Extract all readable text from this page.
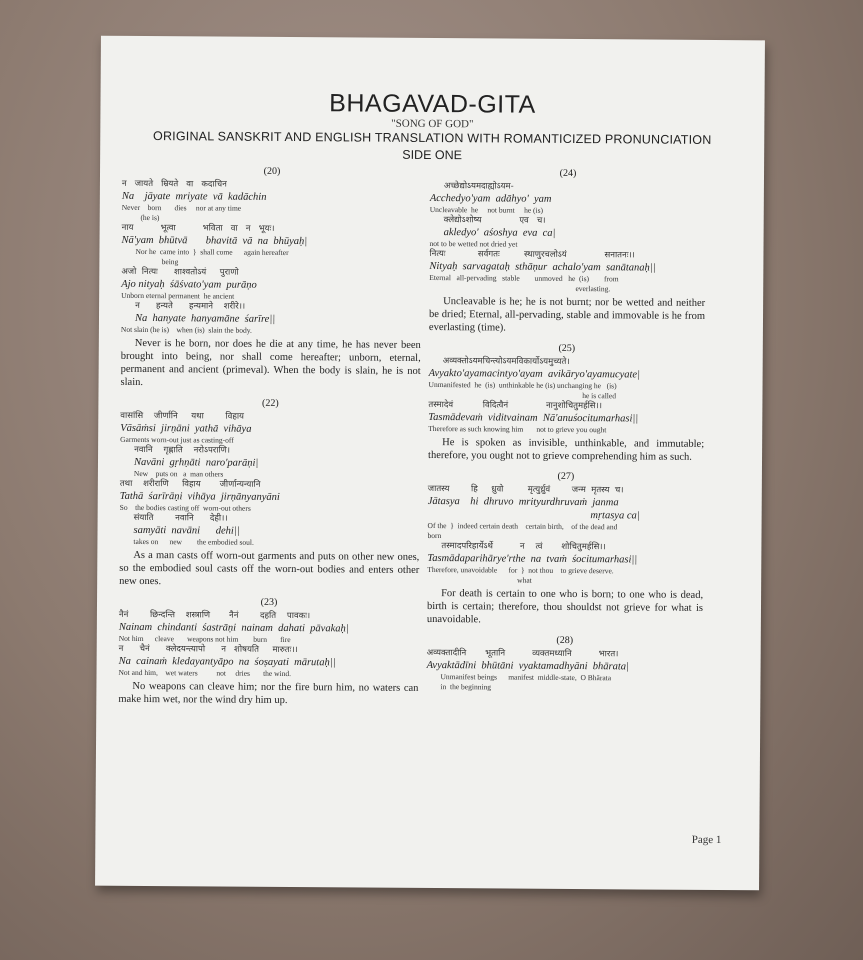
BHAGAVAD-GITA
"SONG OF GOD"
ORIGINAL SANSKRIT AND ENGLISH TRANSLATION WITH ROMANTICIZED PRONUNCIATION
SIDE ONE
(20)
न   जायते   म्रियते   वा   कदाचिन
Na    jāyate  mriyate  vā  kadāchin
Never    born       dies     nor at any time
(he is)
नाय          भूत्वा          भविता   वा   न   भूयः।
Nā'yam  bhūtvā       bhavitā  vā  na  bhūyaḥ|
Nor he  came into  }  shall come      again hereafter
being
अजो  नित्यः      शाश्वतोऽयं     पुराणो
Ajo nityaḥ  śāśvato'yam  purāṇo
Unborn eternal permanent  he ancient
न      हन्यते      हन्यमाने    शरीरे।।
Na  hanyate  hanyamāne  śarīre||
Not slain (he is)    when (is)  slain the body.

Never is he born, nor does he die at any time, he has never been brought into being, nor shall come hereafter; unborn, eternal, permanent and ancient (primeval). When the body is slain, he is not slain.

(22)
वासांसि    जीर्णानि     यथा        विहाय
Vāsāṁsi  jirṇāni  yathā  vihāya
Garments worn-out just as casting-off
नवानि    गृह्णाति    नरोऽपराणि।
Navāni  gṛhṇāti  naro'parāṇi|
New    puts on   a  man others
तथा    शरीराणि     विहाय       जीर्णान्यन्यानि
Tathā  śarīrāṇi  vihāya  jirṇānyanyāni
So    the bodies casting off  worn-out others
संयाति        नवानि      देही।।
samyāti  navāni      dehi||
takes on      new        the embodied soul.

As a man casts off worn-out garments and puts on other new ones, so the embodied soul casts off the worn-out bodies and enters other new ones.

(23)
नैनं        छिन्दन्ति    शस्त्राणि       नैनं        दहति    पावकः।
Nainam  chindanti  śastrāṇi  nainam  dahati  pāvakaḥ|
Not him      cleave       weapons not him        burn       fire
न      चैनं      क्लेदयन्त्यापो      न   शोषयति     मारुतः।।
Na  cainaṁ  kledayantyāpo  na  śoṣayati  mārutaḥ||
Not and him,    wet waters          not     dries       the wind.

No weapons can cleave him; nor the fire burn him, no waters can make him wet, nor the wind dry him up.

(24)
अच्छेद्योऽयमदाह्योऽयम-
Acchedyo'yam  adāhyo'  yam
Uncleavable  he     not burnt     he (is)
क्लेद्योऽशोष्य              एव   च।
akledyo'  aśoshya  eva  ca|
not to be wetted not dried yet
नित्यः            सर्वगतः         स्थाणुरचलोऽयं              सनातनः।।
Nityaḥ  sarvagataḥ  sthāṇur  achalo'yam  sanātanaḥ||
Eternal   all-pervading   stable        unmoved   he  (is)        from
everlasting.

Uncleavable is he; he is not burnt; nor be wetted and neither be dried; Eternal, all-pervading, stable and immovable is he from everlasting (time).

(25)
अव्यक्तोऽयमचिन्त्योऽयमविकार्योऽयमुच्यते।
Avyakto'ayamacintyo'ayam  avikāryo'ayamucyate|
Unmanifested  he  (is)  unthinkable he (is) unchanging he   (is)
he is called
तस्मादेवं           विदित्वैनं              नानुशोचितुमर्हसि।।
Tasmādevaṁ  viditvainam  Nā'anuśocitumarhasi||
Therefore as such knowing him       not to grieve you ought

He is spoken as invisible, unthinkable, and immutable; therefore, you ought not to grieve comprehending him as such.

(27)
जातस्य        हि     ध्रुवो         मृत्युर्ध्रुवं        जन्म  मृतस्य  च।
Jātasya    hi  dhruvo  mrityurdhruvaṁ  janma
mṛtasya ca|
Of the  }  indeed certain death    certain birth,    of the dead and
born
तस्मादपरिहार्येऽर्थे          न    त्वं       शोचितुमर्हसि।।
Tasmādaparihārye'rthe  na  tvaṁ  śocitumarhasi||
Therefore, unavoidable      for  }  not thou    to grieve deserve.
what

For death is certain to one who is born; to one who is dead, birth is certain; therefore, thou shouldst not grieve for what is unavoidable.

(28)
अव्यक्तादीनि       भूतानि          व्यक्तमध्यानि          भारत।
Avyaktādīni  bhūtāni  vyaktamadhyāni  bhārata|
Unmanifest beings      manifest  middle-state,  O Bhārata
in  the beginning
Page 1
